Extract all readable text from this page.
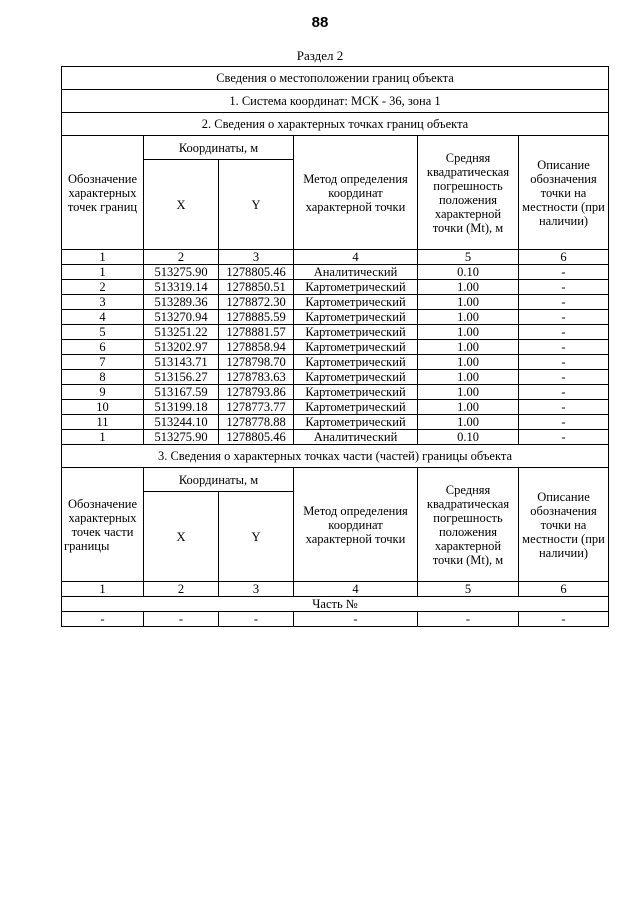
88
Раздел 2
Сведения о местоположении границ объекта					
1. Система координат: МСК - 36, зона 1					
2. Сведения о характерных точках границ объекта					
Обозначение характерных точек границ	Координаты, м		Метод определения координат характерной точки	Средняя квадратическая погрешность положения характерной точки (Mt), м	Описание обозначения точки на местности (при наличии)
	X	Y			
1	2	3	4	5	6
1	513275.90	1278805.46	Аналитический	0.10	-
2	513319.14	1278850.51	Картометрический	1.00	-
3	513289.36	1278872.30	Картометрический	1.00	-
4	513270.94	1278885.59	Картометрический	1.00	-
5	513251.22	1278881.57	Картометрический	1.00	-
6	513202.97	1278858.94	Картометрический	1.00	-
7	513143.71	1278798.70	Картометрический	1.00	-
8	513156.27	1278783.63	Картометрический	1.00	-
9	513167.59	1278793.86	Картометрический	1.00	-
10	513199.18	1278773.77	Картометрический	1.00	-
11	513244.10	1278778.88	Картометрический	1.00	-
1	513275.90	1278805.46	Аналитический	0.10	-
3. Сведения о характерных точках части (частей) границы объекта					
Обозначение характерных точек части границы	Координаты, м		Метод определения координат характерной точки	Средняя квадратическая погрешность положения характерной точки (Mt), м	Описание обозначения точки на местности (при наличии)
	X	Y			
1	2	3	4	5	6
Часть №					
-	-	-	-	-	-
